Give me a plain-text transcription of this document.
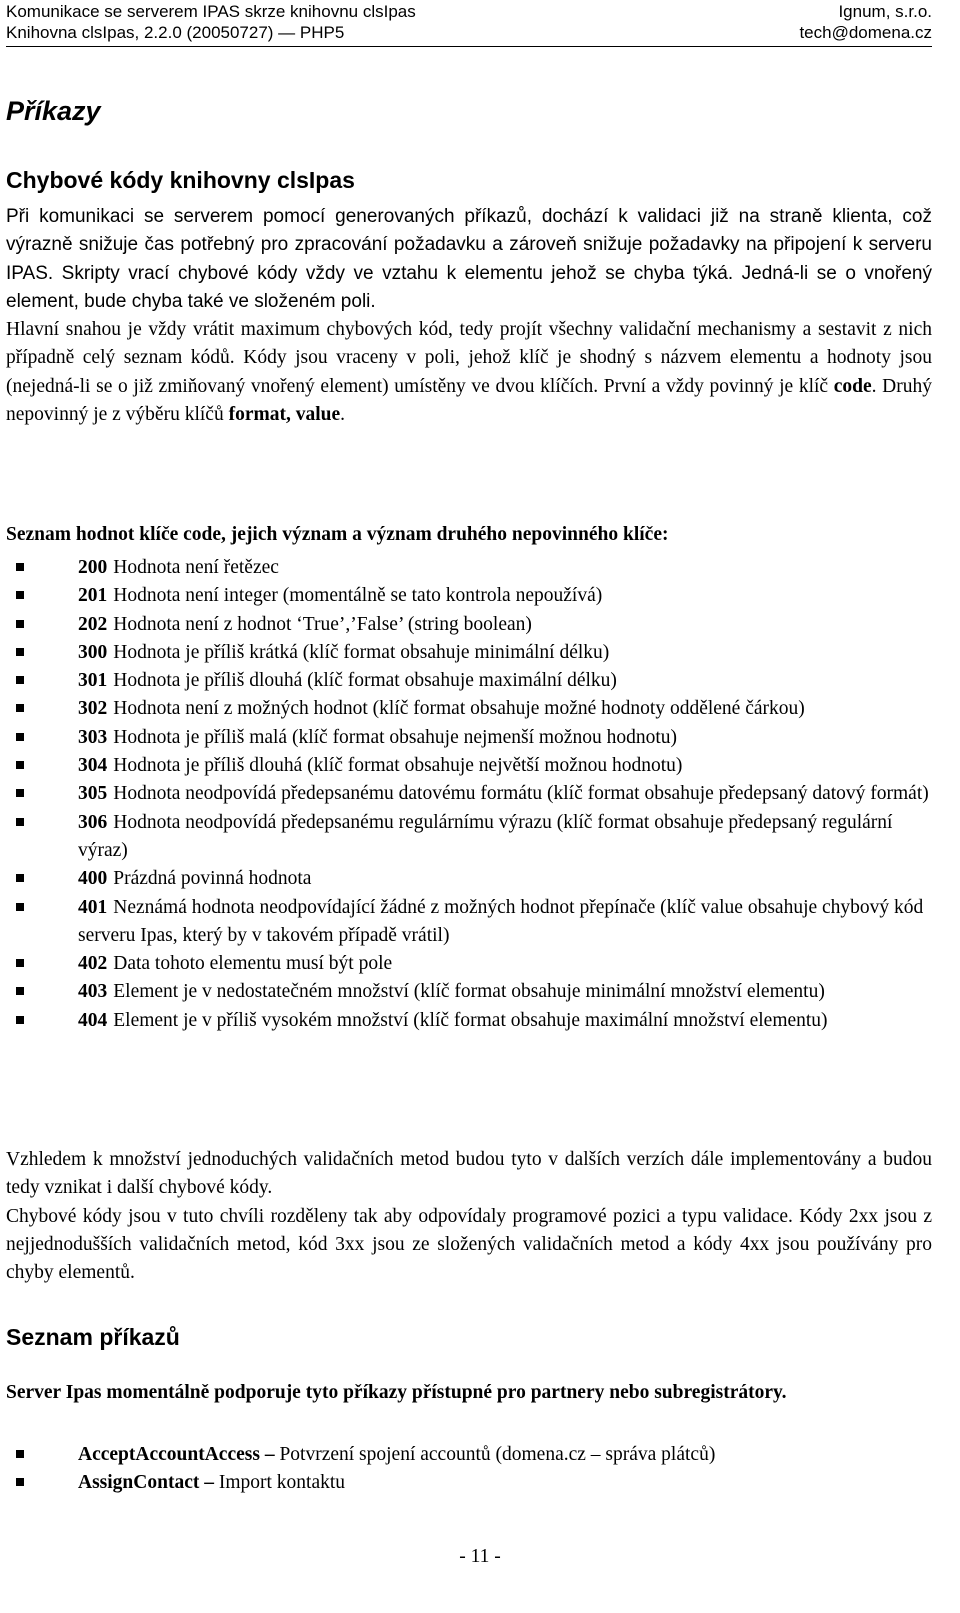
Komunikace se serverem IPAS skrze knihovnu clsIpas	Ignum, s.r.o.
Knihovna clsIpas, 2.2.0 (20050727) — PHP5	tech@domena.cz
Příkazy
Chybové kódy knihovny clsIpas

Při komunikaci se serverem pomocí generovaných příkazů, dochází k validaci již na straně klienta, což výrazně snižuje čas potřebný pro zpracování požadavku a zároveň snižuje požadavky na připojení k serveru IPAS. Skripty vrací chybové kódy vždy ve vztahu k elementu jehož se chyba týká. Jedná-li se o vnořený element, bude chyba také ve složeném poli.

Hlavní snahou je vždy vrátit maximum chybových kód, tedy projít všechny validační mechanismy a sestavit z nich případně celý seznam kódů. Kódy jsou vraceny v poli, jehož klíč je shodný s názvem elementu a hodnoty jsou (nejedná-li se o již zmiňovaný vnořený element) umístěny ve dvou klíčích. První a vždy povinný je klíč code. Druhý nepovinný je z výběru klíčů format, value.

Seznam hodnot klíče code, jejich význam a význam druhého nepovinného klíče:
200 Hodnota není řetězec
201 Hodnota není integer (momentálně se tato kontrola nepoužívá)
202 Hodnota není z hodnot ‘True’,’False’ (string boolean)
300 Hodnota je příliš krátká (klíč format obsahuje minimální délku)
301 Hodnota je příliš dlouhá (klíč format obsahuje maximální délku)
302 Hodnota není z možných hodnot (klíč format obsahuje možné hodnoty oddělené čárkou)
303 Hodnota je příliš malá (klíč format obsahuje nejmenší možnou hodnotu)
304 Hodnota je příliš dlouhá (klíč format obsahuje největší možnou hodnotu)
305 Hodnota neodpovídá předepsanému datovému formátu (klíč format obsahuje předepsaný datový formát)
306 Hodnota neodpovídá předepsanému regulárnímu výrazu (klíč format obsahuje předepsaný regulární výraz)
400 Prázdná povinná hodnota
401 Neznámá hodnota neodpovídající žádné z možných hodnot přepínače (klíč value obsahuje chybový kód serveru Ipas, který by v takovém případě vrátil)
402 Data tohoto elementu musí být pole
403 Element je v nedostatečném množství (klíč format obsahuje minimální množství elementu)
404 Element je v příliš vysokém množství (klíč format obsahuje maximální množství elementu)

Vzhledem k množství jednoduchých validačních metod budou tyto v dalších verzích dále implementovány a budou tedy vznikat i další chybové kódy.

Chybové kódy jsou v tuto chvíli rozděleny tak aby odpovídaly programové pozici a typu validace. Kódy 2xx jsou z nejjednodušších validačních metod, kód 3xx jsou ze složených validačních metod a kódy 4xx jsou používány pro chyby elementů.

Seznam příkazů

Server Ipas momentálně podporuje tyto příkazy přístupné pro partnery nebo subregistrátory.

AcceptAccountAccess – Potvrzení spojení accountů (domena.cz – správa plátců)
AssignContact – Import kontaktu
- 11 -
